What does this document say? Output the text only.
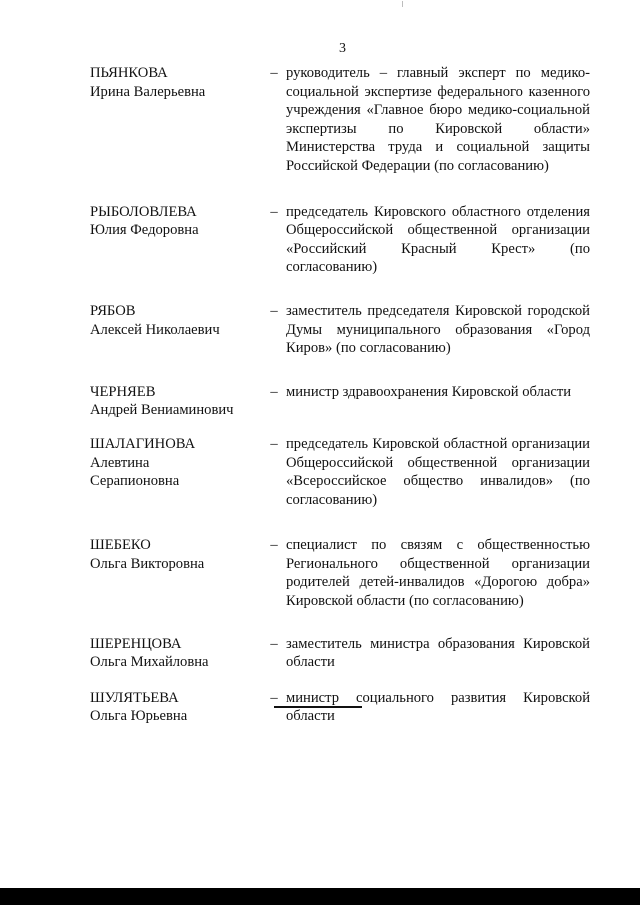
3
ПЬЯНКОВА
Ирина Валерьевна
– руководитель – главный эксперт по медико-социальной экспертизе федерального казенного учреждения «Главное бюро медико-социальной экспертизы по Кировской области» Министерства труда и социальной защиты Российской Федерации (по согласованию)
РЫБОЛОВЛЕВА
Юлия Федоровна
– председатель Кировского областного отделения Общероссийской общественной организации «Российский Красный Крест» (по согласованию)
РЯБОВ
Алексей Николаевич
– заместитель председателя Кировской городской Думы муниципального образования «Город Киров» (по согласованию)
ЧЕРНЯЕВ
Андрей Вениаминович
– министр здравоохранения Кировской области
ШАЛАГИНОВА
Алевтина Серапионовна
– председатель Кировской областной организации Общероссийской общественной организации «Всероссийское общество инвалидов» (по согласованию)
ШЕБЕКО
Ольга Викторовна
– специалист по связям с общественностью Регионального общественной организации родителей детей-инвалидов «Дорогою добра» Кировской области (по согласованию)
ШЕРЕНЦОВА
Ольга Михайловна
– заместитель министра образования Кировской области
ШУЛЯТЬЕВА
Ольга Юрьевна
– министр социального развития Кировской области
